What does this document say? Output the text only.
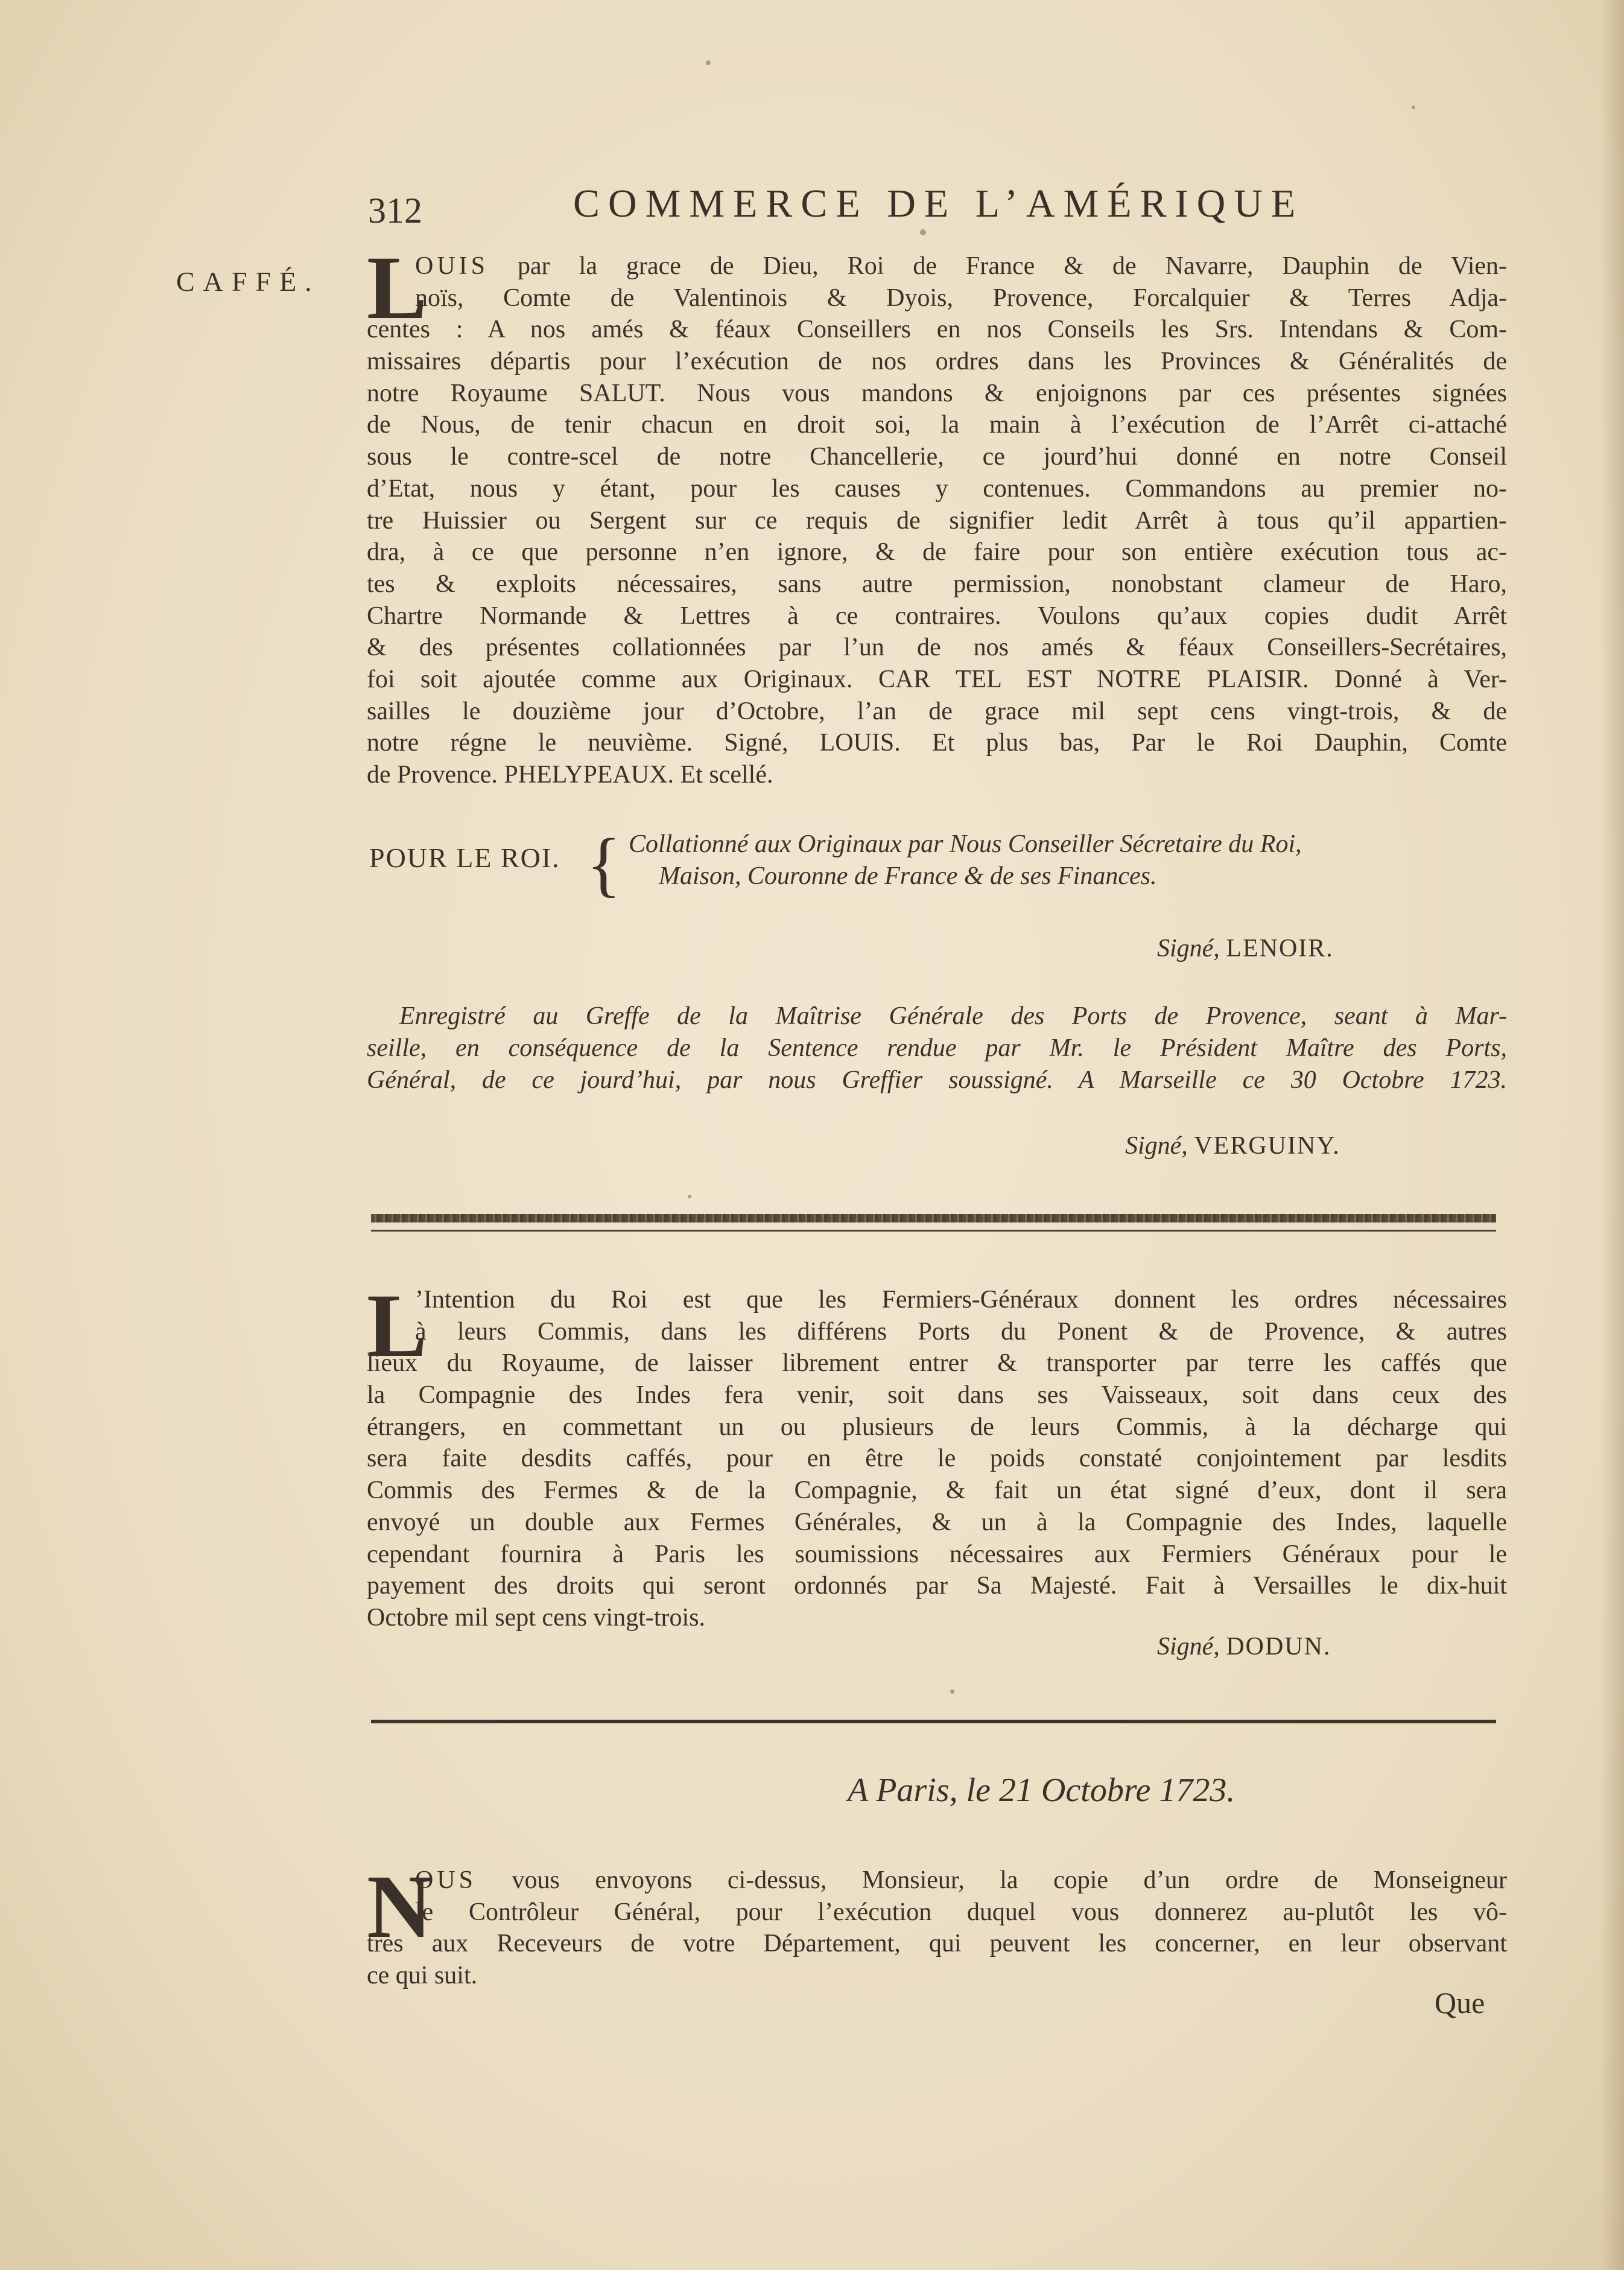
312	COMMERCE DE L’AMÉRIQUE
CAFFÉ. L
OUIS par la grace de Dieu, Roi de France & de Navarre, Dauphin de Vien-
noïs, Comte de Valentinois & Dyois, Provence, Forcalquier & Terres Adja-
centes : A nos amés & féaux Conseillers en nos Conseils les Srs. Intendans & Com-
missaires départis pour l’exécution de nos ordres dans les Provinces & Généralités de
notre Royaume SALUT. Nous vous mandons & enjoignons par ces présentes signées
de Nous, de tenir chacun en droit soi, la main à l’exécution de l’Arrêt ci-attaché
sous le contre-scel de notre Chancellerie, ce jourd’hui donné en notre Conseil
d’Etat, nous y étant, pour les causes y contenues. Commandons au premier no-
tre Huissier ou Sergent sur ce requis de signifier ledit Arrêt à tous qu’il appartien-
dra, à ce que personne n’en ignore, & de faire pour son entière exécution tous ac-
tes & exploits nécessaires, sans autre permission, nonobstant clameur de Haro,
Chartre Normande & Lettres à ce contraires. Voulons qu’aux copies dudit Arrêt
& des présentes collationnées par l’un de nos amés & féaux Conseillers-Secrétaires,
foi soit ajoutée comme aux Originaux. CAR TEL EST NOTRE PLAISIR. Donné à Ver-
sailles le douzième jour d’Octobre, l’an de grace mil sept cens vingt-trois, & de
notre régne le neuvième. Signé, LOUIS. Et plus bas, Par le Roi Dauphin, Comte
de Provence. PHELYPEAUX. Et scellé.
POUR LE ROI. { Collationné aux Originaux par Nous Conseiller Sécretaire du Roi,
Maison, Couronne de France & de ses Finances.
Signé, LENOIR.
Enregistré au Greffe de la Maîtrise Générale des Ports de Provence, seant à Mar-
seille, en conséquence de la Sentence rendue par Mr. le Président Maître des Ports,
Général, de ce jourd’hui, par nous Greffier soussigné. A Marseille ce 30 Octobre 1723.
Signé, VERGUINY.
L
’Intention du Roi est que les Fermiers-Généraux donnent les ordres nécessaires
à leurs Commis, dans les différens Ports du Ponent & de Provence, & autres
lieux du Royaume, de laisser librement entrer & transporter par terre les caffés que
la Compagnie des Indes fera venir, soit dans ses Vaisseaux, soit dans ceux des
étrangers, en commettant un ou plusieurs de leurs Commis, à la décharge qui
sera faite desdits caffés, pour en être le poids constaté conjointement par lesdits
Commis des Fermes & de la Compagnie, & fait un état signé d’eux, dont il sera
envoyé un double aux Fermes Générales, & un à la Compagnie des Indes, laquelle
cependant fournira à Paris les soumissions nécessaires aux Fermiers Généraux pour le
payement des droits qui seront ordonnés par Sa Majesté. Fait à Versailles le dix-huit
Octobre mil sept cens vingt-trois.
Signé, DODUN.
A Paris, le 21 Octobre 1723.
N
OUS vous envoyons ci-dessus, Monsieur, la copie d’un ordre de Monseigneur
le Contrôleur Général, pour l’exécution duquel vous donnerez au-plutôt les vô-
tres aux Receveurs de votre Département, qui peuvent les concerner, en leur observant
ce qui suit.
Que
